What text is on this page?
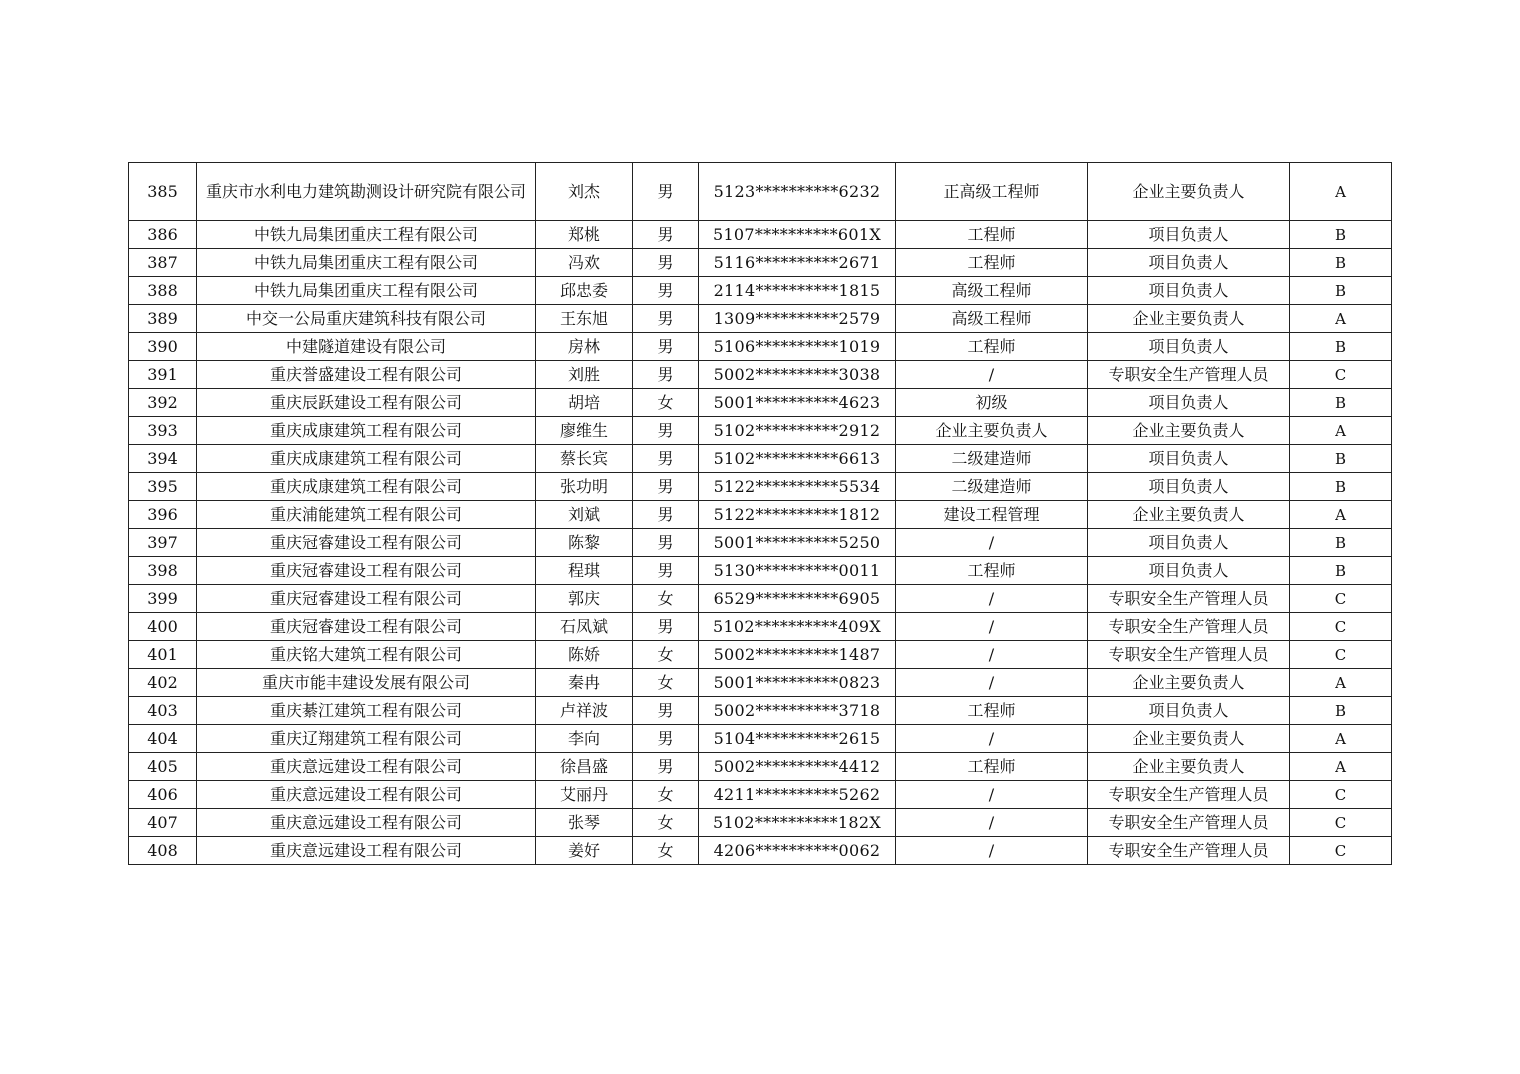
385	重庆市水利电力建筑勘测设计研究院有限公司	刘杰	男	5123**********6232	正高级工程师	企业主要负责人	A
386	中铁九局集团重庆工程有限公司	郑桃	男	5107**********601X	工程师	项目负责人	B
387	中铁九局集团重庆工程有限公司	冯欢	男	5116**********2671	工程师	项目负责人	B
388	中铁九局集团重庆工程有限公司	邱忠委	男	2114**********1815	高级工程师	项目负责人	B
389	中交一公局重庆建筑科技有限公司	王东旭	男	1309**********2579	高级工程师	企业主要负责人	A
390	中建隧道建设有限公司	房林	男	5106**********1019	工程师	项目负责人	B
391	重庆誉盛建设工程有限公司	刘胜	男	5002**********3038	/	专职安全生产管理人员	C
392	重庆辰跃建设工程有限公司	胡培	女	5001**********4623	初级	项目负责人	B
393	重庆成康建筑工程有限公司	廖维生	男	5102**********2912	企业主要负责人	企业主要负责人	A
394	重庆成康建筑工程有限公司	蔡长宾	男	5102**********6613	二级建造师	项目负责人	B
395	重庆成康建筑工程有限公司	张功明	男	5122**********5534	二级建造师	项目负责人	B
396	重庆浦能建筑工程有限公司	刘斌	男	5122**********1812	建设工程管理	企业主要负责人	A
397	重庆冠睿建设工程有限公司	陈黎	男	5001**********5250	/	项目负责人	B
398	重庆冠睿建设工程有限公司	程琪	男	5130**********0011	工程师	项目负责人	B
399	重庆冠睿建设工程有限公司	郭庆	女	6529**********6905	/	专职安全生产管理人员	C
400	重庆冠睿建设工程有限公司	石凤斌	男	5102**********409X	/	专职安全生产管理人员	C
401	重庆铭大建筑工程有限公司	陈娇	女	5002**********1487	/	专职安全生产管理人员	C
402	重庆市能丰建设发展有限公司	秦冉	女	5001**********0823	/	企业主要负责人	A
403	重庆綦江建筑工程有限公司	卢祥波	男	5002**********3718	工程师	项目负责人	B
404	重庆辽翔建筑工程有限公司	李向	男	5104**********2615	/	企业主要负责人	A
405	重庆意远建设工程有限公司	徐昌盛	男	5002**********4412	工程师	企业主要负责人	A
406	重庆意远建设工程有限公司	艾丽丹	女	4211**********5262	/	专职安全生产管理人员	C
407	重庆意远建设工程有限公司	张琴	女	5102**********182X	/	专职安全生产管理人员	C
408	重庆意远建设工程有限公司	姜好	女	4206**********0062	/	专职安全生产管理人员	C
